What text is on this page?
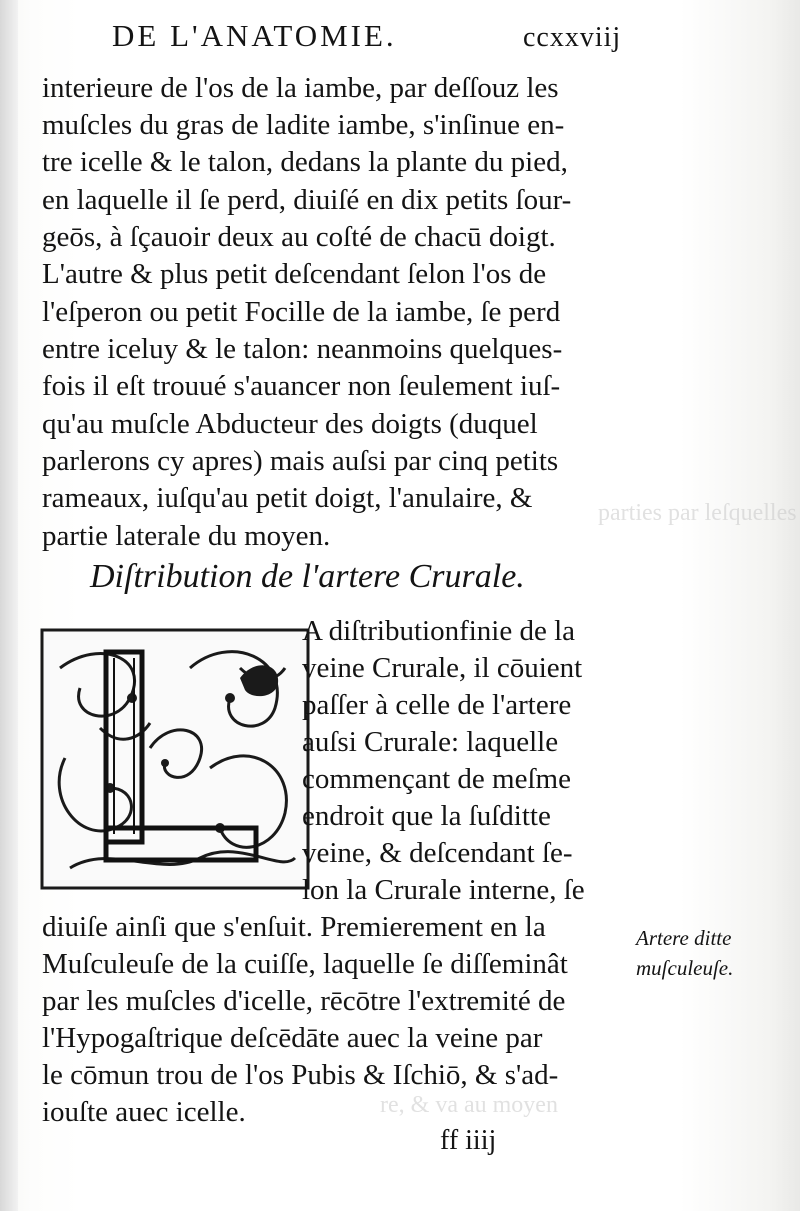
parties par leſquelles
re, & va au moyen
DE L'ANATOMIE.	ccxxviij
interieure de l'os de la iambe, par deſſouz les
muſcles du gras de ladite iambe, s'inſinue en-
tre icelle & le talon, dedans la plante du pied,
en laquelle il ſe perd, diuiſé en dix petits ſour-
geōs, à ſçauoir deux au coſté de chacū doigt.
L'autre & plus petit deſcendant ſelon l'os de
l'eſperon ou petit Focille de la iambe, ſe perd
entre iceluy & le talon: neanmoins quelques-
fois il eſt trouué s'auancer non ſeulement iuſ-
qu'au muſcle Abducteur des doigts (duquel
parlerons cy apres) mais auſsi par cinq petits
rameaux, iuſqu'au petit doigt, l'anulaire, &
partie laterale du moyen.
Diſtribution de l'artere Crurale.
A diſtributionfinie de la
veine Crurale, il cōuient
paſſer à celle de l'artere
auſsi Crurale: laquelle
commençant de meſme
endroit que la ſuſditte
veine, & deſcendant ſe-
lon la Crurale interne, ſe
diuiſe ainſi que s'enſuit. Premierement en la
Muſculeuſe de la cuiſſe, laquelle ſe diſſeminât
par les muſcles d'icelle, rēcōtre l'extremité de
l'Hypogaſtrique deſcēdāte auec la veine par
le cōmun trou de l'os Pubis & Iſchiō, & s'ad-
iouſte auec icelle.
Artere ditte
muſculeuſe.
ff iiij
